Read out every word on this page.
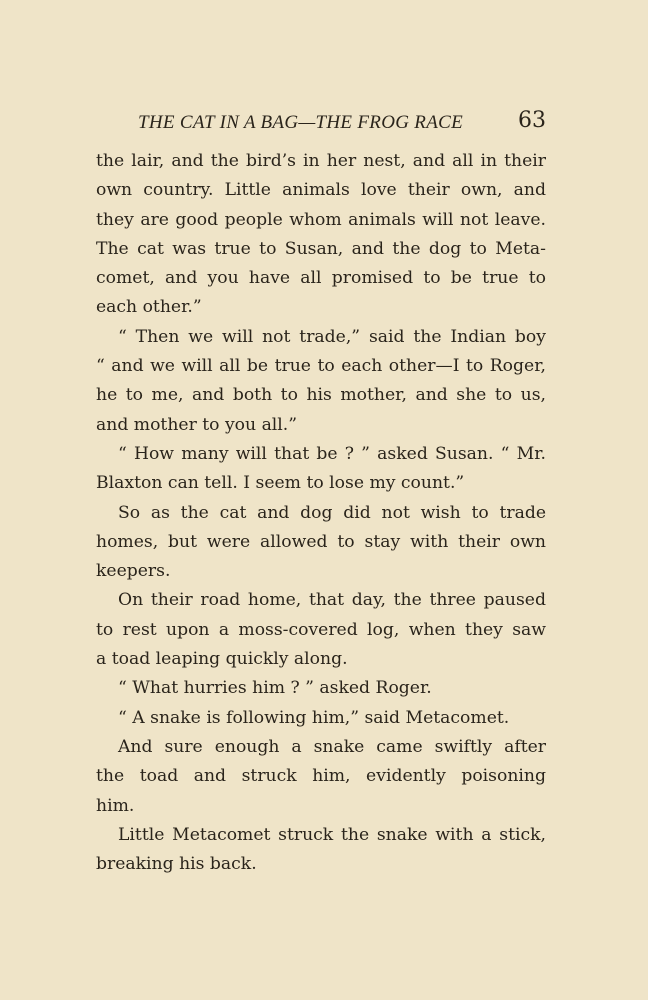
THE CAT IN A BAG—THE FROG RACE	63
the lair, and the bird’s in her nest, and all in their
own country. Little animals love their own, and
they are good people whom animals will not leave.
The cat was true to Susan, and the dog to Meta-
comet, and you have all promised to be true to
each other.”
“ Then we will not trade,” said the Indian boy
“ and we will all be true to each other—I to Roger,
he to me, and both to his mother, and she to us,
and mother to you all.”
“ How many will that be ? ” asked Susan. “ Mr.
Blaxton can tell. I seem to lose my count.”
So as the cat and dog did not wish to trade
homes, but were allowed to stay with their own
keepers.
On their road home, that day, the three paused
to rest upon a moss-covered log, when they saw
a toad leaping quickly along.
“ What hurries him ? ” asked Roger.
“ A snake is following him,” said Metacomet.
And sure enough a snake came swiftly after
the toad and struck him, evidently poisoning
him.
Little Metacomet struck the snake with a stick,
breaking his back.
